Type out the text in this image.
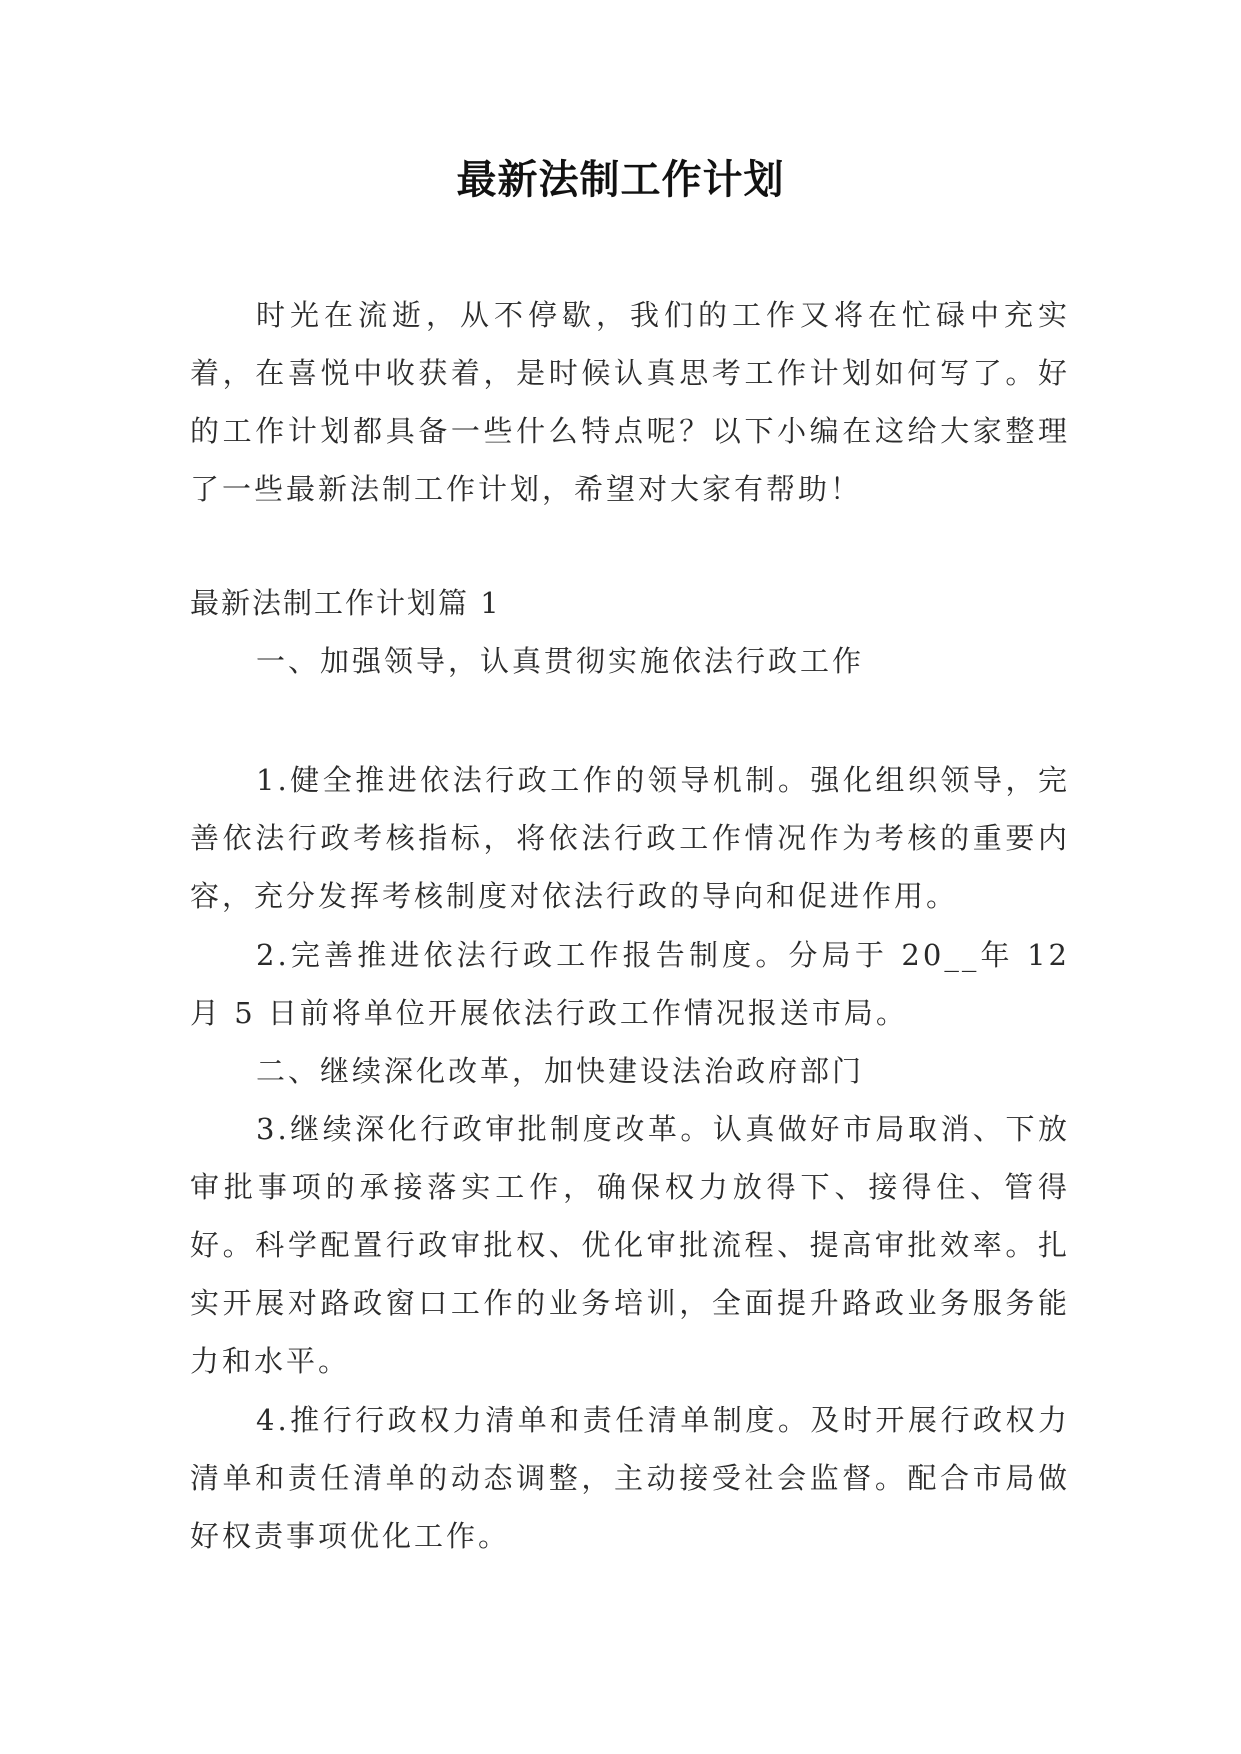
最新法制工作计划
时光在流逝，从不停歇，我们的工作又将在忙碌中充实着，在喜悦中收获着，是时候认真思考工作计划如何写了。好的工作计划都具备一些什么特点呢？以下小编在这给大家整理了一些最新法制工作计划，希望对大家有帮助！
最新法制工作计划篇 1
一、加强领导，认真贯彻实施依法行政工作
1.健全推进依法行政工作的领导机制。强化组织领导，完善依法行政考核指标，将依法行政工作情况作为考核的重要内容，充分发挥考核制度对依法行政的导向和促进作用。
2.完善推进依法行政工作报告制度。分局于 20__年 12 月 5 日前将单位开展依法行政工作情况报送市局。
二、继续深化改革，加快建设法治政府部门
3.继续深化行政审批制度改革。认真做好市局取消、下放审批事项的承接落实工作，确保权力放得下、接得住、管得好。科学配置行政审批权、优化审批流程、提高审批效率。扎实开展对路政窗口工作的业务培训，全面提升路政业务服务能力和水平。
4.推行行政权力清单和责任清单制度。及时开展行政权力清单和责任清单的动态调整，主动接受社会监督。配合市局做好权责事项优化工作。
